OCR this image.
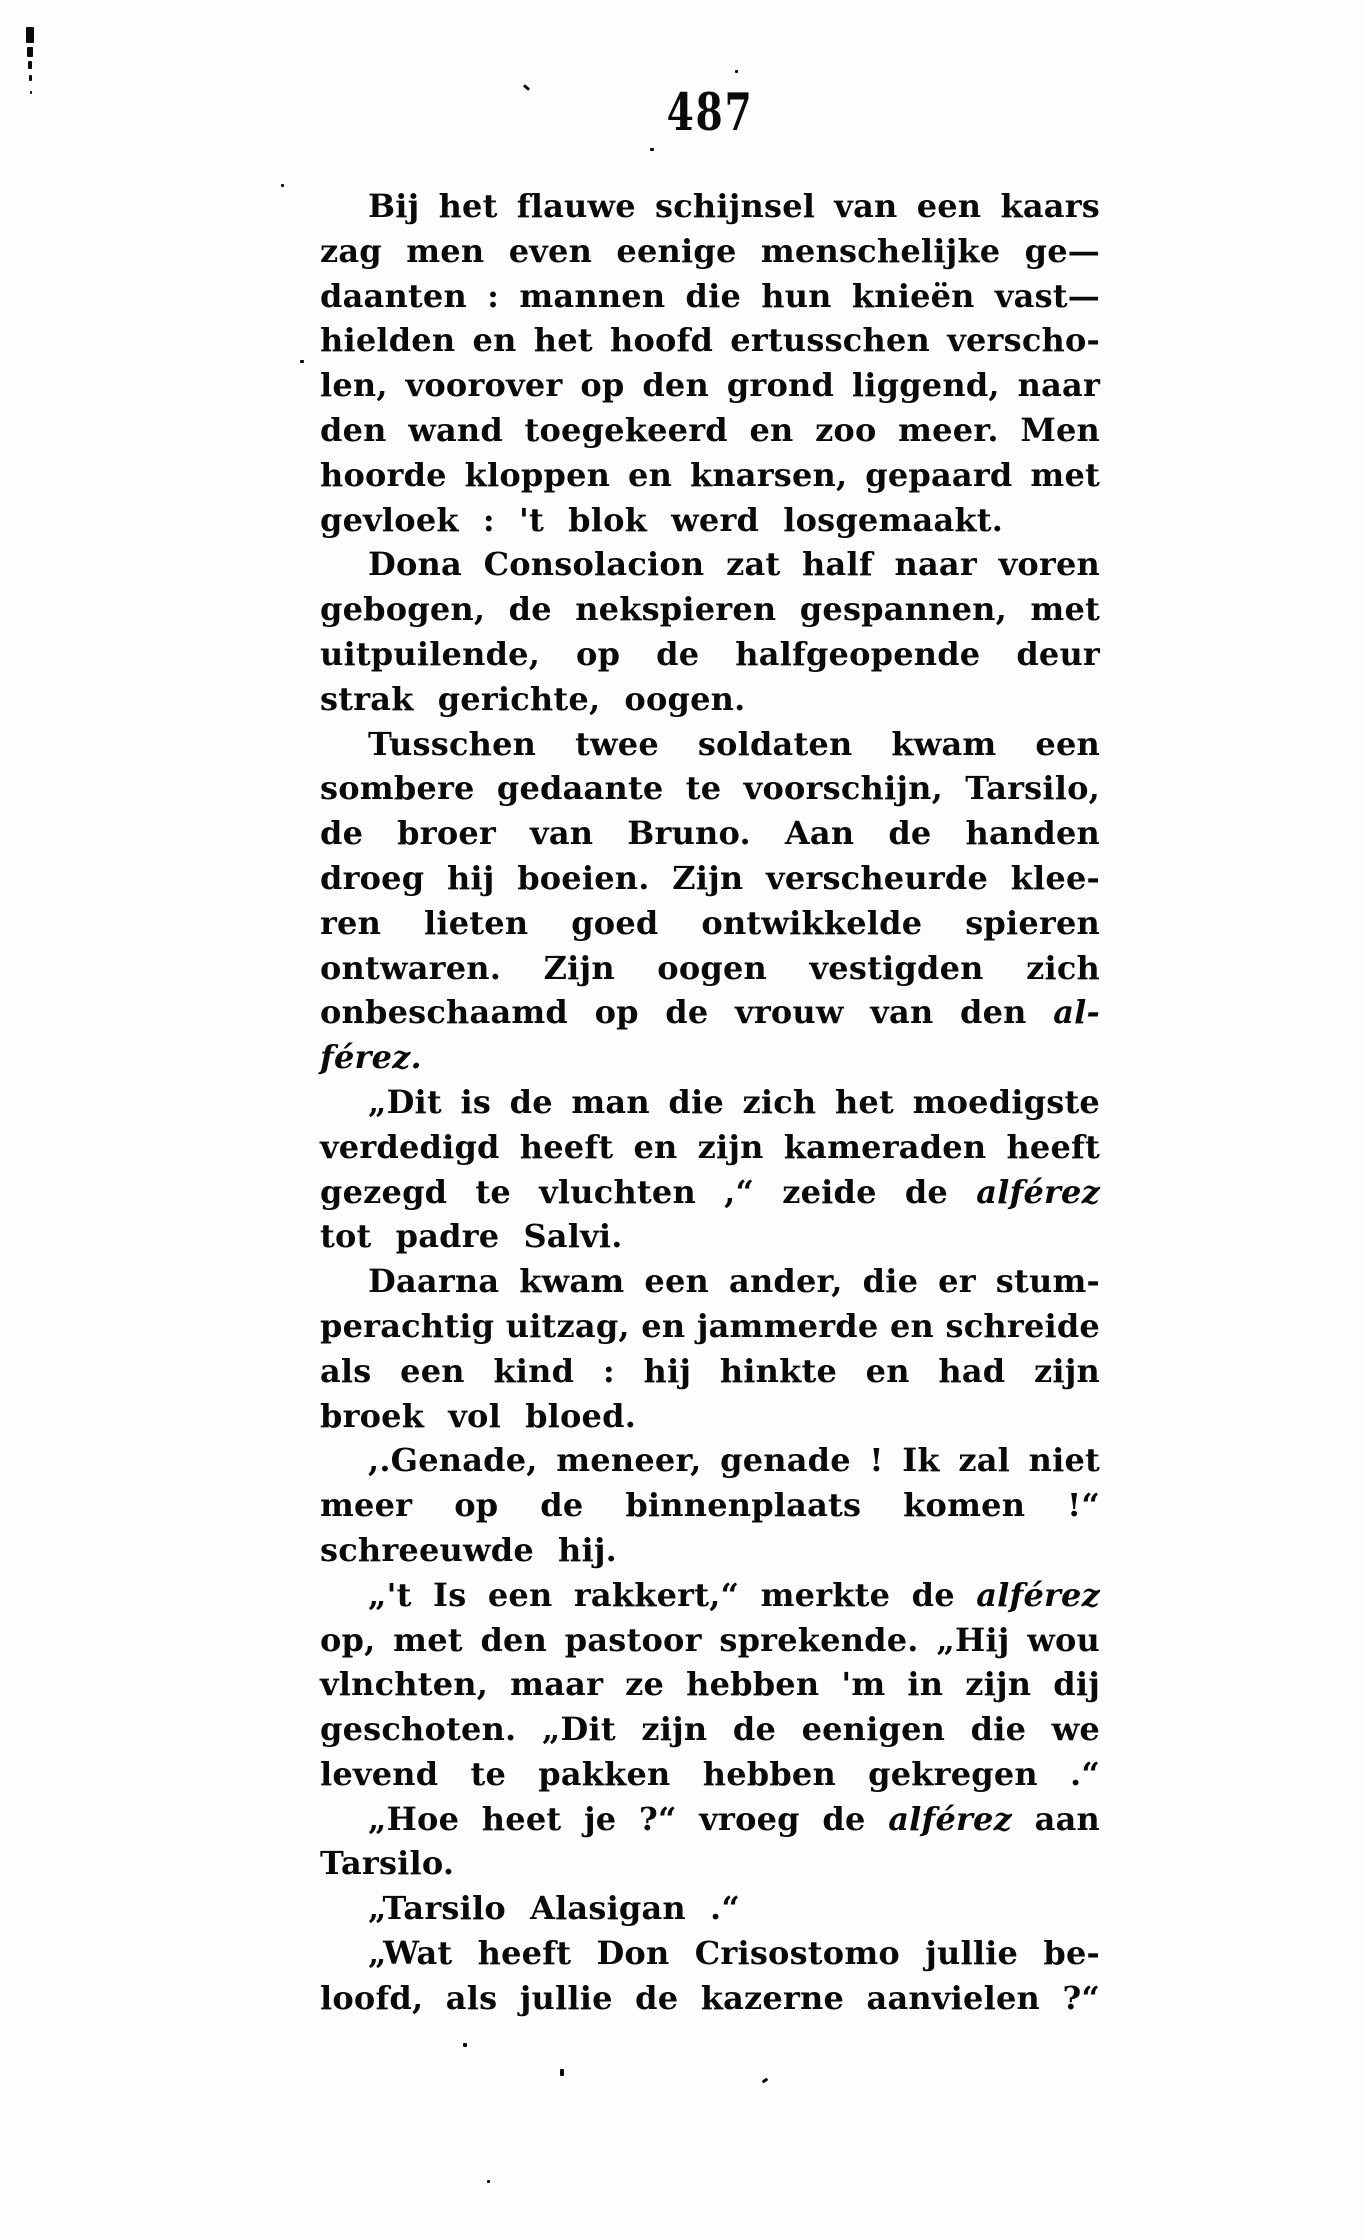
487
Bij het flauwe schijnsel van een kaars
zag men even eenige menschelijke ge—
daanten : mannen die hun knieën vast—
hielden en het hoofd ertusschen verscho-
len, voorover op den grond liggend, naar
den wand toegekeerd en zoo meer. Men
hoorde kloppen en knarsen, gepaard met
gevloek : 't blok werd losgemaakt.
Dona Consolacion zat half naar voren
gebogen, de nekspieren gespannen, met
uitpuilende, op de halfgeopende deur
strak gerichte, oogen.
Tusschen twee soldaten kwam een
sombere gedaante te voorschijn, Tarsilo,
de broer van Bruno. Aan de handen
droeg hij boeien. Zijn verscheurde klee-
ren lieten goed ontwikkelde spieren
ontwaren. Zijn oogen vestigden zich
onbeschaamd op de vrouw van den al-
férez.
„Dit is de man die zich het moedigste
verdedigd heeft en zijn kameraden heeft
gezegd te vluchten ,“ zeide de alférez
tot padre Salvi.
Daarna kwam een ander, die er stum-
perachtig uitzag, en jammerde en schreide
als een kind : hij hinkte en had zijn
broek vol bloed.
,.Genade, meneer, genade ! Ik zal niet
meer op de binnenplaats komen !“
schreeuwde hij.
„'t Is een rakkert,“ merkte de alférez
op, met den pastoor sprekende. „Hij wou
vlnchten, maar ze hebben 'm in zijn dij
geschoten. „Dit zijn de eenigen die we
levend te pakken hebben gekregen .“
„Hoe heet je ?“ vroeg de alférez aan
Tarsilo.
„Tarsilo Alasigan .“
„Wat heeft Don Crisostomo jullie be-
loofd, als jullie de kazerne aanvielen ?“
